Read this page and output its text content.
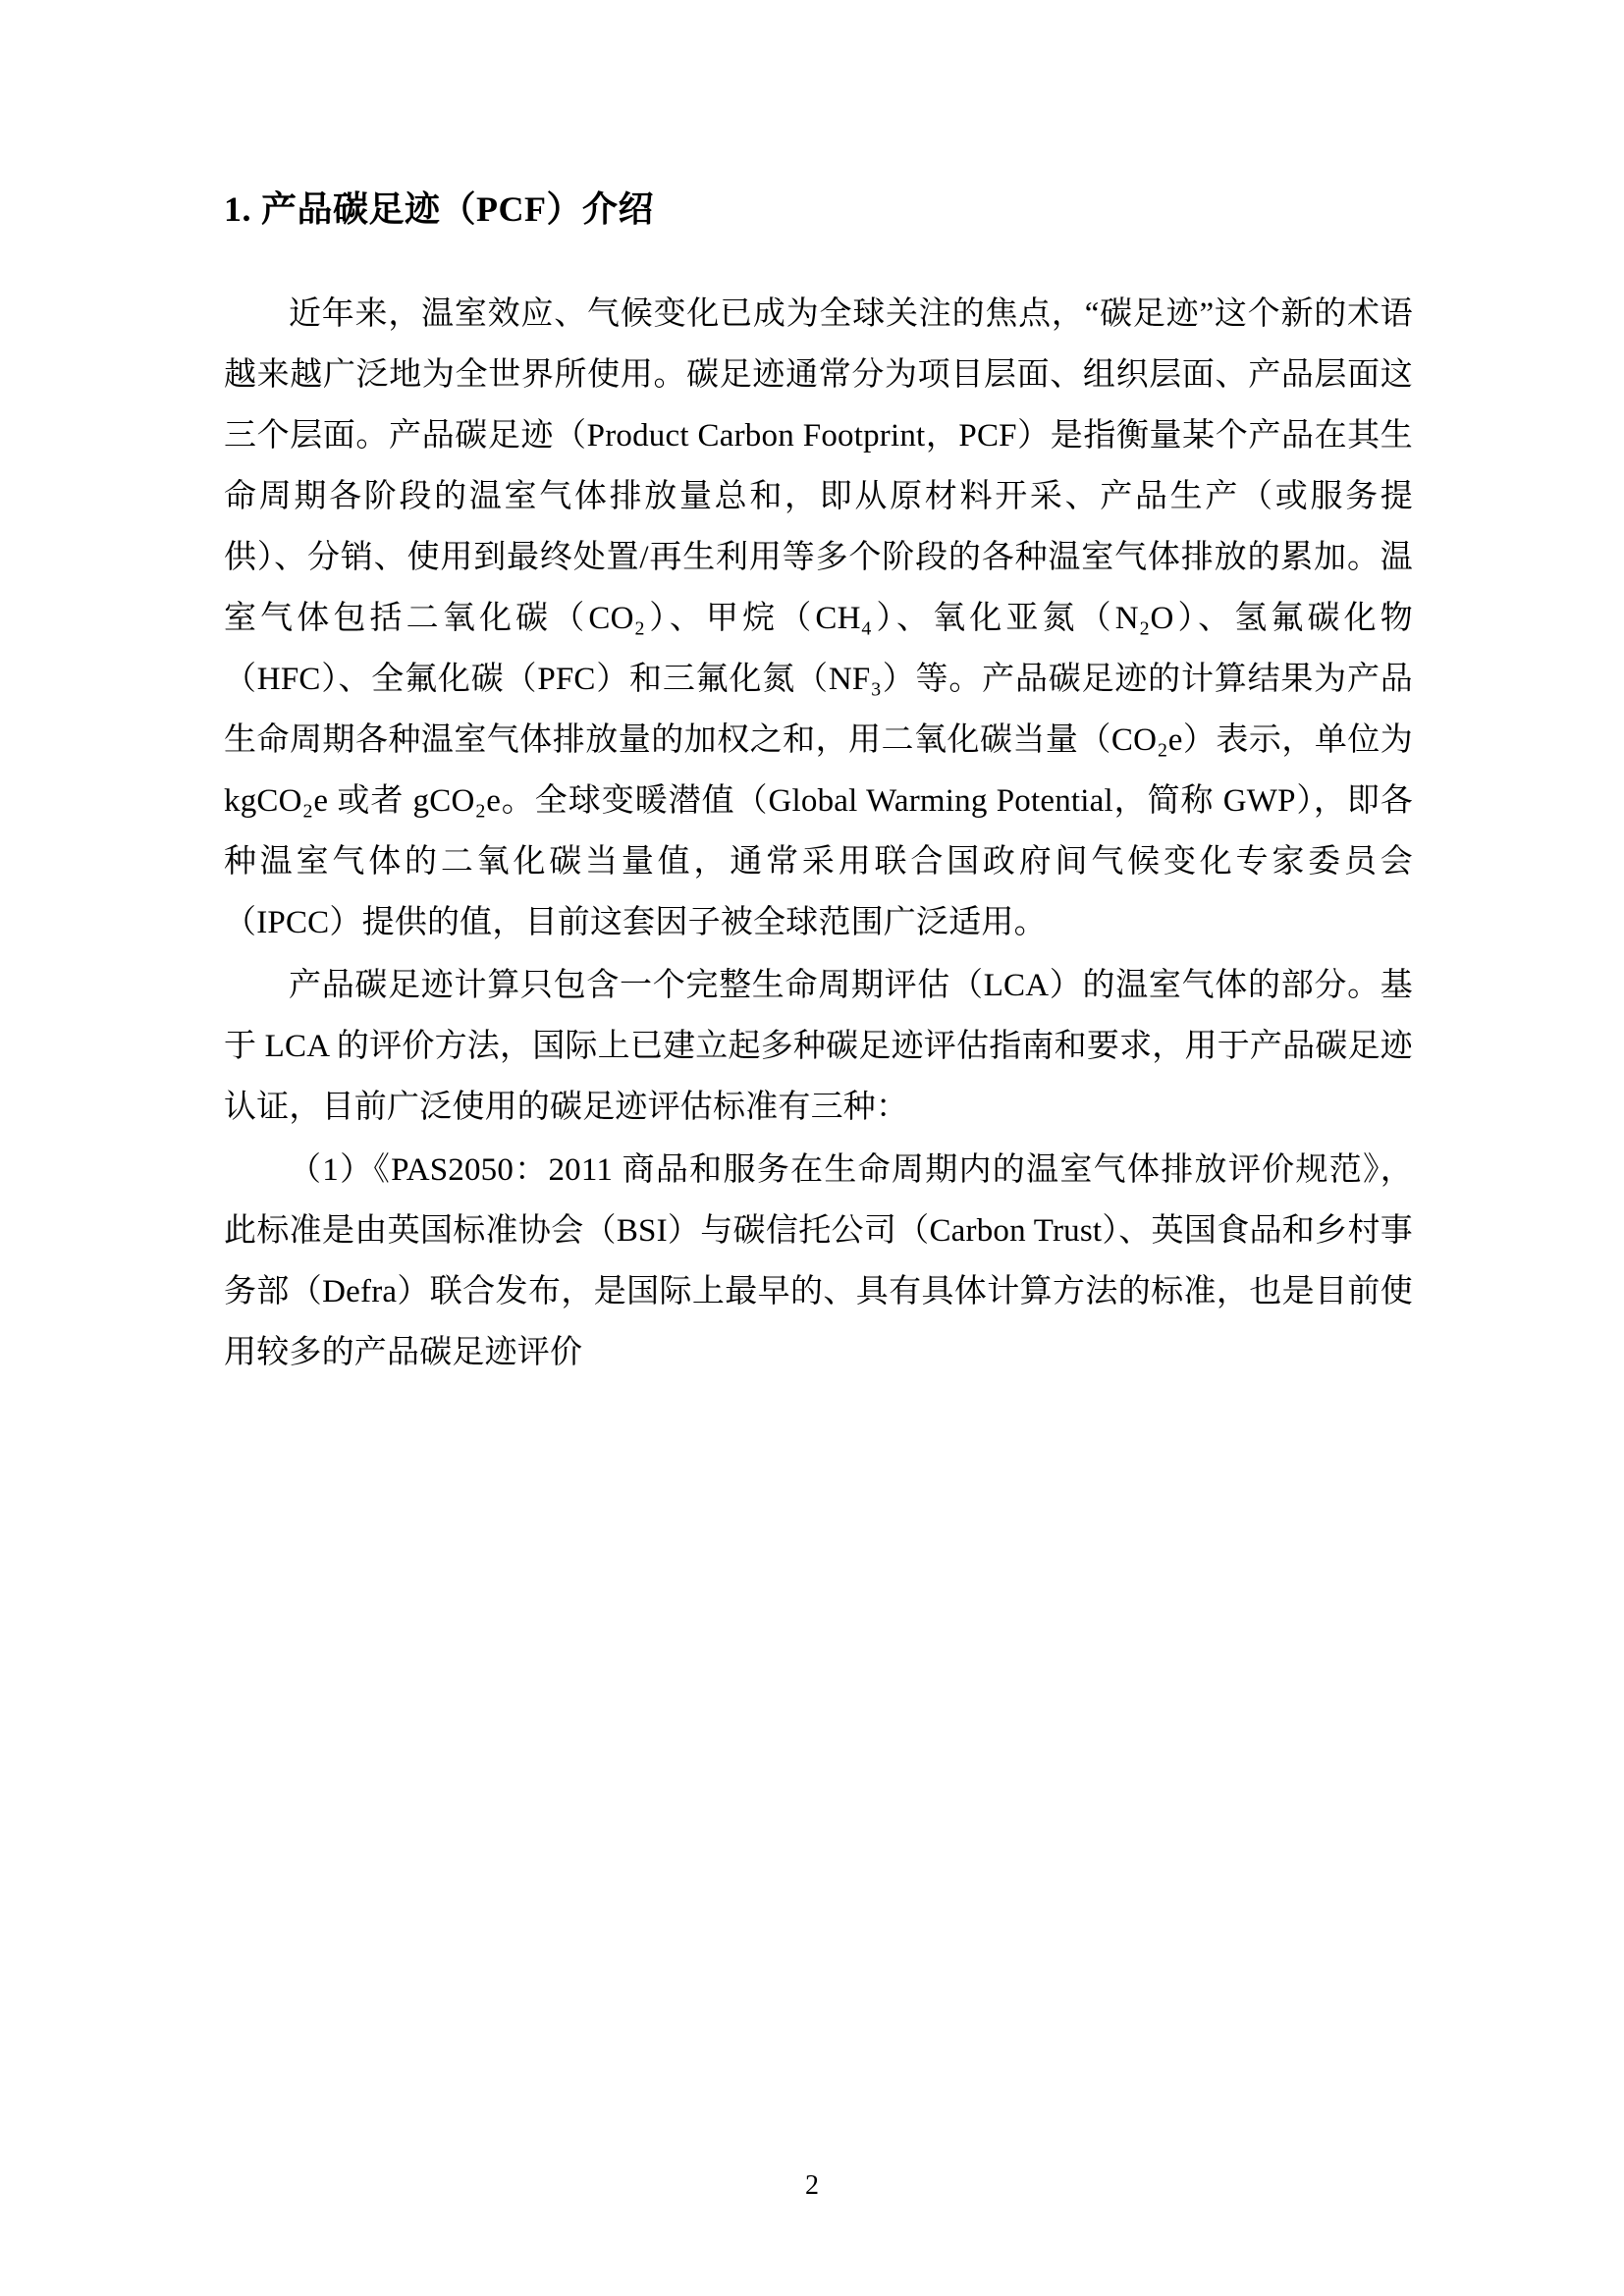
1. 产品碳足迹（PCF）介绍

近年来，温室效应、气候变化已成为全球关注的焦点，“碳足迹”这个新的术语越来越广泛地为全世界所使用。碳足迹通常分为项目层面、组织层面、产品层面这三个层面。产品碳足迹（Product Carbon Footprint，PCF）是指衡量某个产品在其生命周期各阶段的温室气体排放量总和，即从原材料开采、产品生产（或服务提供）、分销、使用到最终处置/再生利用等多个阶段的各种温室气体排放的累加。温室气体包括二氧化碳（CO₂）、甲烷（CH₄）、氧化亚氮（N₂O）、氢氟碳化物（HFC）、全氟化碳（PFC）和三氟化氮（NF₃）等。产品碳足迹的计算结果为产品生命周期各种温室气体排放量的加权之和，用二氧化碳当量（CO₂e）表示，单位为 kgCO₂e 或者 gCO₂e。全球变暖潜值（Global Warming Potential，简称 GWP），即各种温室气体的二氧化碳当量值，通常采用联合国政府间气候变化专家委员会（IPCC）提供的值，目前这套因子被全球范围广泛适用。

产品碳足迹计算只包含一个完整生命周期评估（LCA）的温室气体的部分。基于 LCA 的评价方法，国际上已建立起多种碳足迹评估指南和要求，用于产品碳足迹认证，目前广泛使用的碳足迹评估标准有三种：

（1）《PAS2050：2011 商品和服务在生命周期内的温室气体排放评价规范》，此标准是由英国标准协会（BSI）与碳信托公司（Carbon Trust）、英国食品和乡村事务部（Defra）联合发布，是国际上最早的、具有具体计算方法的标准，也是目前使用较多的产品碳足迹评价

2
